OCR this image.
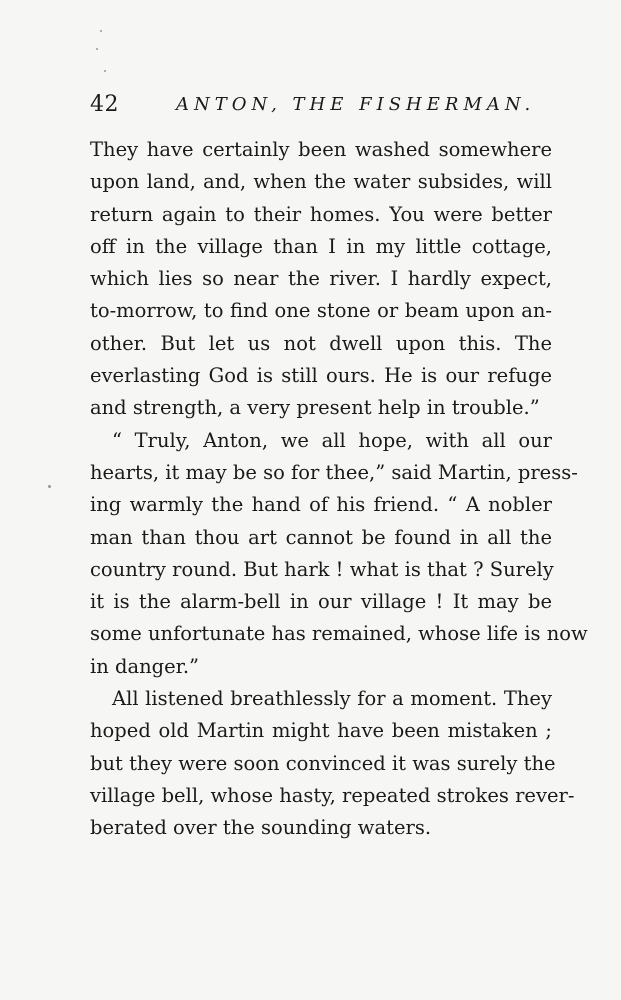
42	ANTON, THE FISHERMAN.
They have certainly been washed somewhere
upon land, and, when the water subsides, will
return again to their homes. You were better
off in the village than I in my little cottage,
which lies so near the river. I hardly expect,
to-morrow, to find one stone or beam upon an-
other. But let us not dwell upon this. The
everlasting God is still ours. He is our refuge
and strength, a very present help in trouble.”
“ Truly, Anton, we all hope, with all our
hearts, it may be so for thee,” said Martin, press-
ing warmly the hand of his friend. “ A nobler
man than thou art cannot be found in all the
country round. But hark ! what is that ? Surely
it is the alarm-bell in our village ! It may be
some unfortunate has remained, whose life is now
in danger.”
All listened breathlessly for a moment. They
hoped old Martin might have been mistaken ;
but they were soon convinced it was surely the
village bell, whose hasty, repeated strokes rever-
berated over the sounding waters.
